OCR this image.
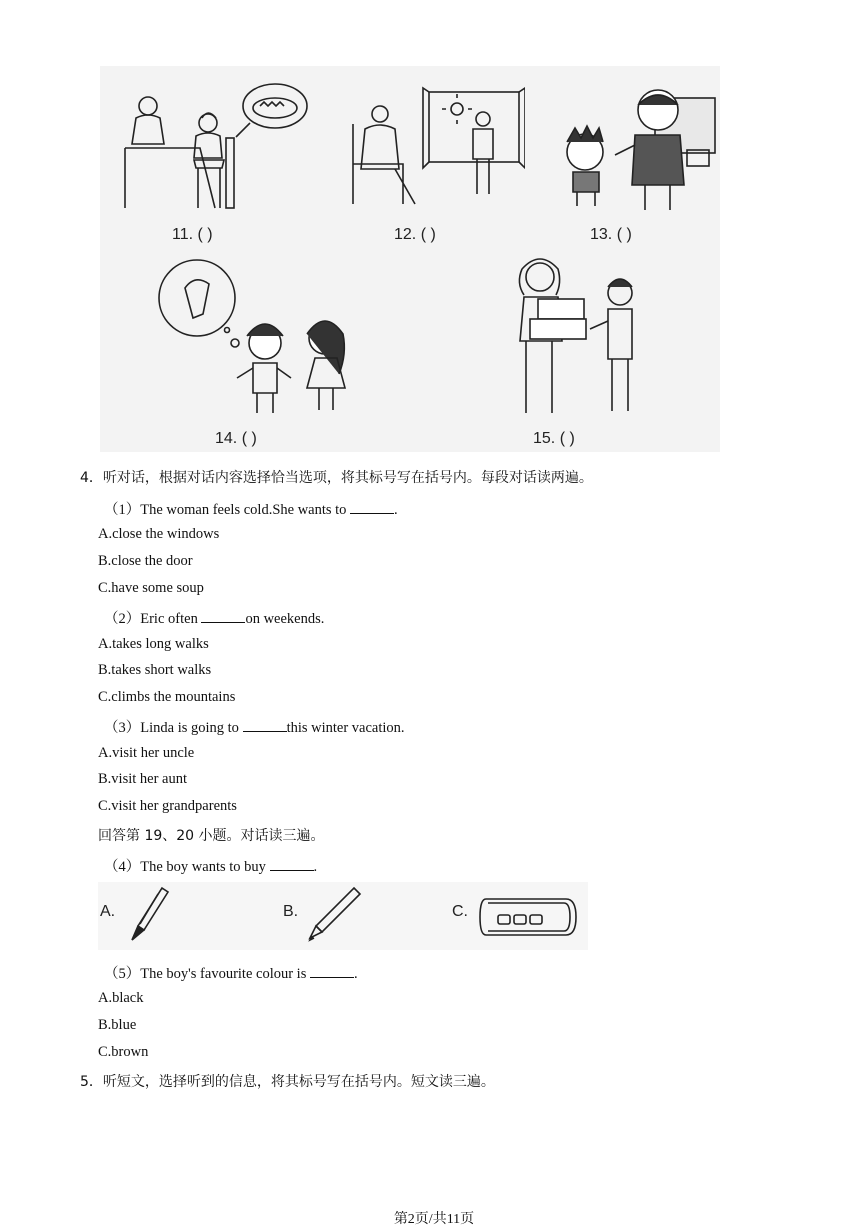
11. ( )	12. ( )	13. ( )
14. ( )	15. ( )
4．听对话，根据对话内容选择恰当选项，将其标号写在括号内。每段对话读两遍。
（1）The woman feels cold.She wants to	.
A.close the windows
B.close the door
C.have some soup
（2）Eric often	on weekends.
A.takes long walks
B.takes short walks
C.climbs the mountains
（3）Linda is going to	this winter vacation.
A.visit her uncle
B.visit her aunt
C.visit her grandparents
回答第 19、20 小题。对话读三遍。
（4）The boy wants to buy	.
A.	B.	C.
（5）The boy's favourite colour is	.
A.black
B.blue
C.brown
5．听短文，选择听到的信息，将其标号写在括号内。短文读三遍。
第2页/共11页
